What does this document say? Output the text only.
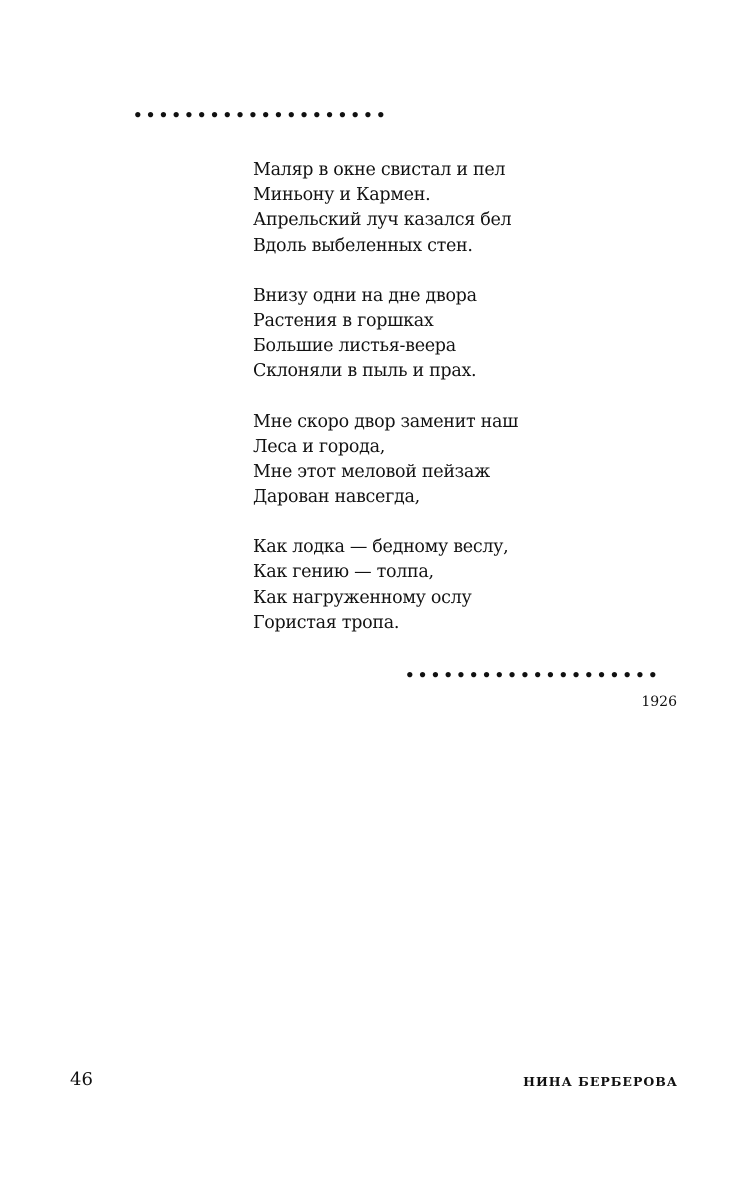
••••••••••••••••••••
Маляр в окне свистал и пел
Миньону и Кармен.
Апрельский луч казался бел
Вдоль выбеленных стен.
Внизу одни на дне двора
Растения в горшках
Большие листья-веера
Склоняли в пыль и прах.
Мне скоро двор заменит наш
Леса и города,
Мне этот меловой пейзаж
Дарован навсегда,
Как лодка — бедному веслу,
Как гению — толпа,
Как нагруженному ослу
Гористая тропа.
••••••••••••••••••••
1926
46	НИНА БЕРБЕРОВА
